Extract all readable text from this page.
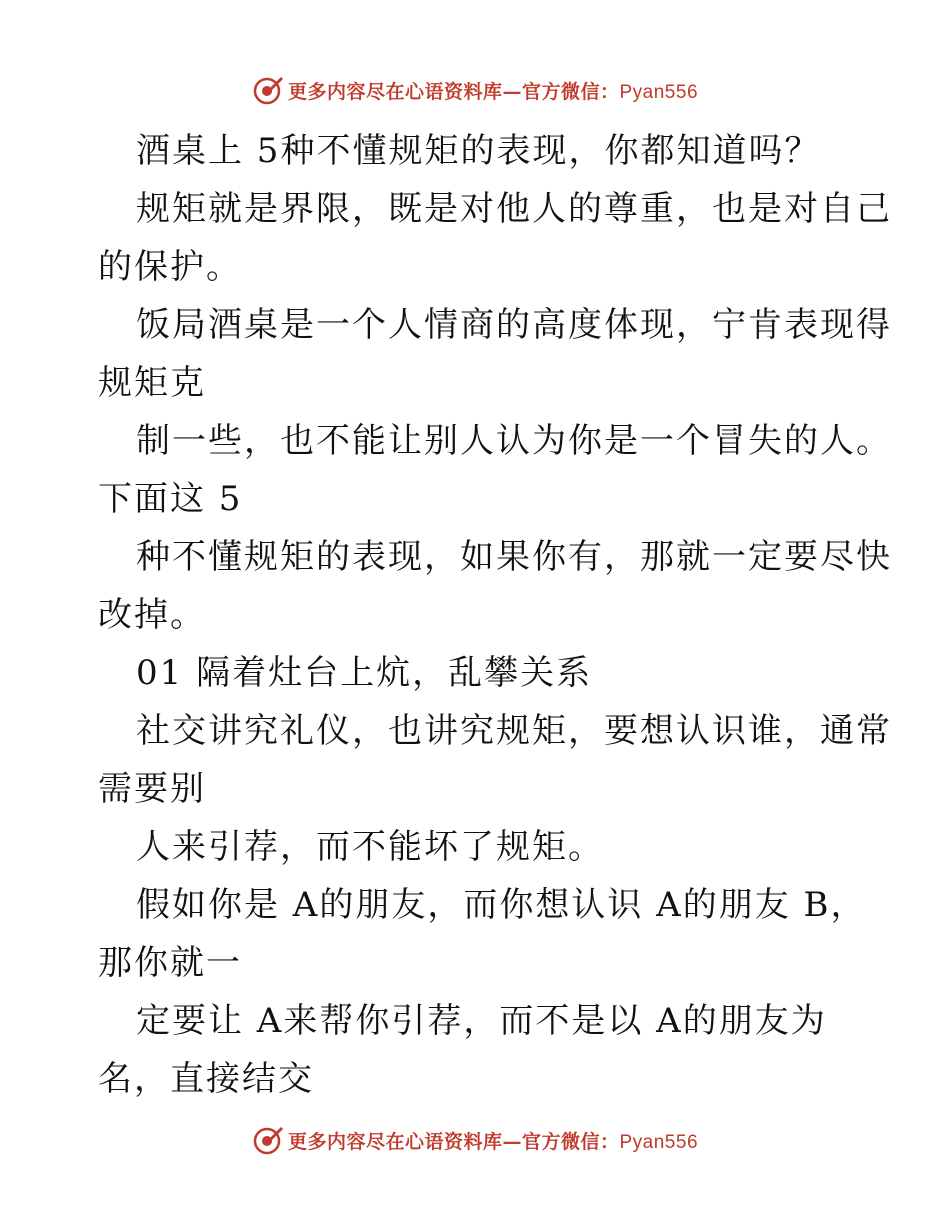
更多内容尽在心语资料库—官方微信：Pyan556
酒桌上 5种不懂规矩的表现，你都知道吗？
规矩就是界限，既是对他人的尊重，也是对自己
的保护。
饭局酒桌是一个人情商的高度体现，宁肯表现得
规矩克
制一些，也不能让别人认为你是一个冒失的人。
下面这 5
种不懂规矩的表现，如果你有，那就一定要尽快
改掉。
01 隔着灶台上炕，乱攀关系
社交讲究礼仪，也讲究规矩，要想认识谁，通常
需要别
人来引荐，而不能坏了规矩。
假如你是 A的朋友，而你想认识 A的朋友 B，
那你就一
定要让 A来帮你引荐，而不是以 A的朋友为
名，直接结交
更多内容尽在心语资料库—官方微信：Pyan556
